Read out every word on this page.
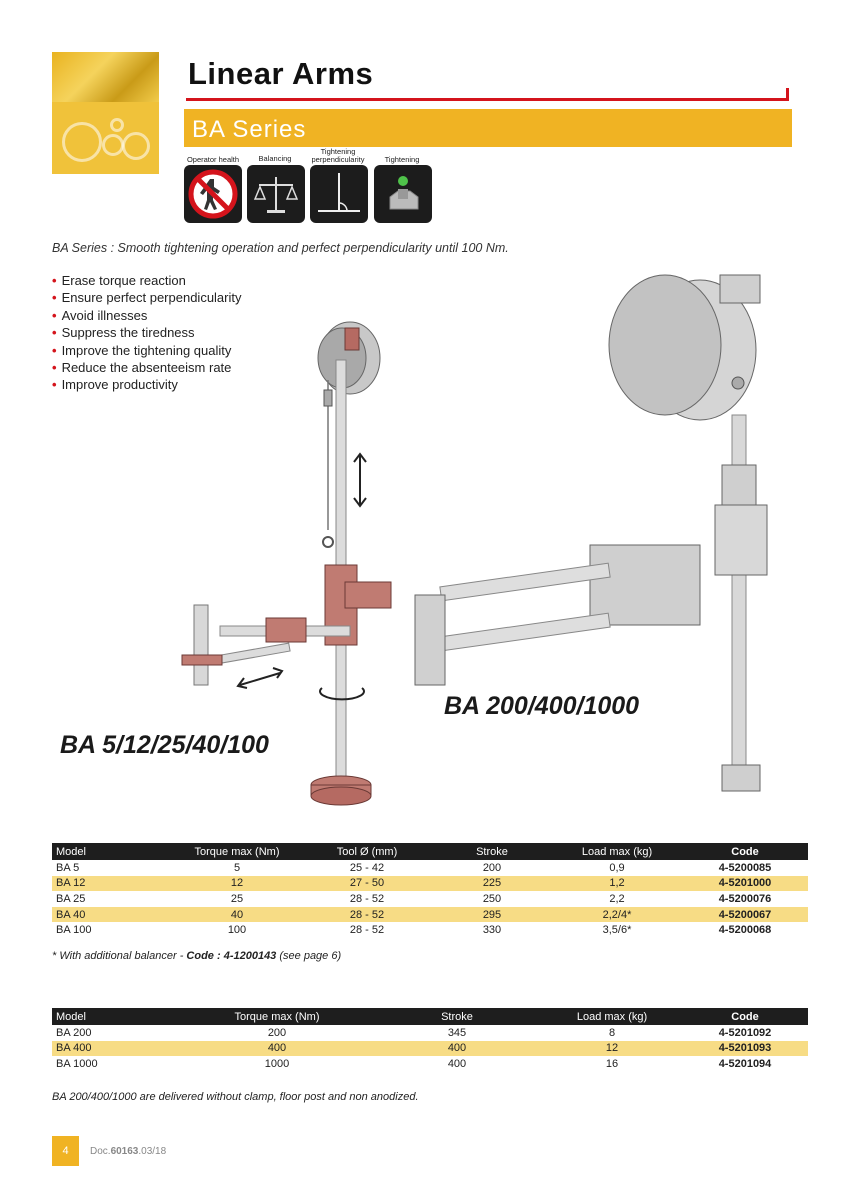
Linear Arms
BA Series
Operator health	Balancing
Tightening perpendicularity	Tightening
BA Series : Smooth tightening operation and perfect perpendicularity until 100 Nm.
• Erase torque reaction
• Ensure perfect perpendicularity
• Avoid illnesses
• Suppress the tiredness
• Improve the tightening quality
• Reduce the absenteeism rate
• Improve productivity
BA 200/400/1000
BA 5/12/25/40/100
Model	Torque max (Nm)	Tool Ø (mm)	Stroke	Load max (kg)	Code
BA 5	5	25 - 42	200	0,9	4-5200085
BA 12	12	27 - 50	225	1,2	4-5201000
BA 25	25	28 - 52	250	2,2	4-5200076
BA 40	40	28 - 52	295	2,2/4*	4-5200067
BA 100	100	28 - 52	330	3,5/6*	4-5200068
* With additional balancer - Code : 4-1200143 (see page 6)
Model	Torque max (Nm)	Stroke	Load max (kg)	Code
BA 200	200	345	8	4-5201092
BA 400	400	400	12	4-5201093
BA 1000	1000	400	16	4-5201094
BA 200/400/1000 are delivered without clamp, floor post and non anodized.
4	Doc.60163.03/18
